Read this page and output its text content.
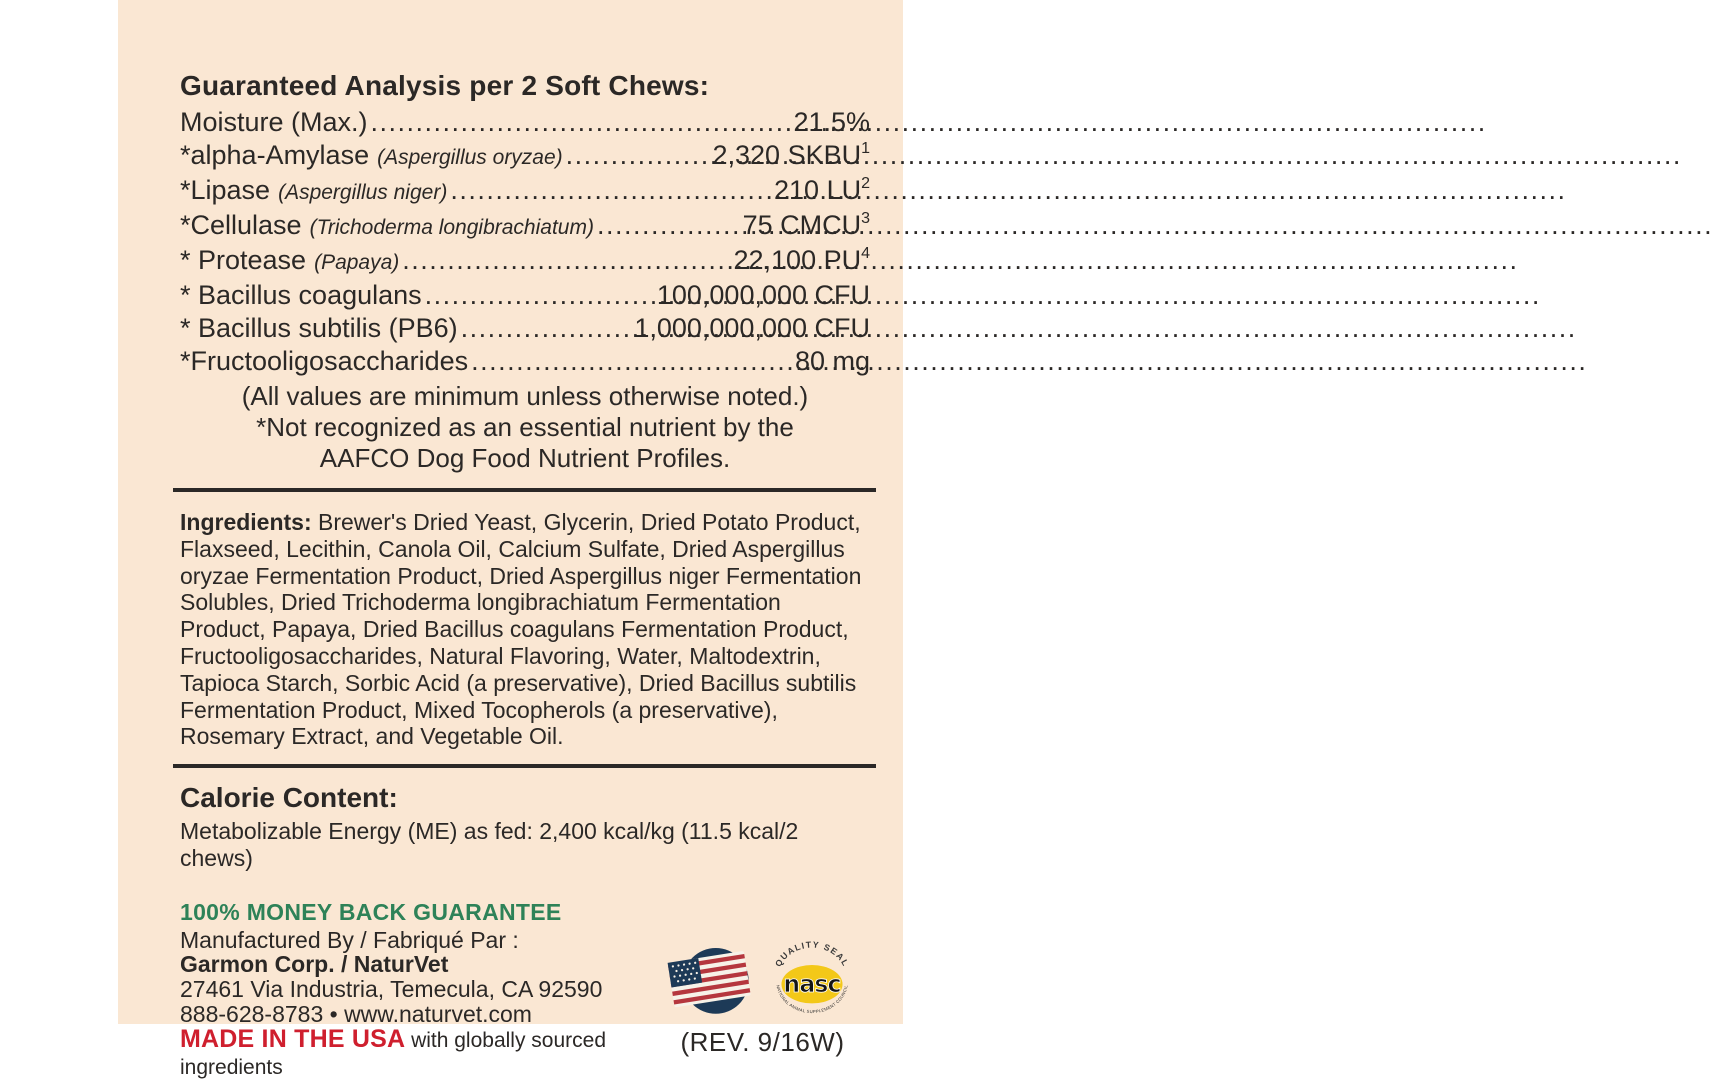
Guaranteed Analysis per 2 Soft Chews:
Moisture (Max.) .....	21.5%
*alpha-Amylase (Aspergillus oryzae) .....	2,320 SKBU$^1$
*Lipase (Aspergillus niger) .....	210 $LU^2$
*Cellulase (Trichoderma longibrachiatum) .....	75 CMCU$^3$
* Protease (Papaya) .....	22,100 $PU^4$
* Bacillus coagulans .....	100,000,000 CFU
* Bacillus subtilis (PB6) .....	1,000,000,000 CFU
*Fructooligosaccharides .....	80 mg
(All values are minimum unless otherwise noted.)
*Not recognized as an essential nutrient by the AAFCO Dog Food Nutrient Profiles.

Ingredients: Brewer's Dried Yeast, Glycerin, Dried Potato Product, Flaxseed, Lecithin, Canola Oil, Calcium Sulfate, Dried Aspergillus oryzae Fermentation Product, Dried Aspergillus niger Fermentation Solubles, Dried Trichoderma longibrachiatum Fermentation Product, Papaya, Dried Bacillus coagulans Fermentation Product, Fructooligosaccharides, Natural Flavoring, Water, Maltodextrin, Tapioca Starch, Sorbic Acid (a preservative), Dried Bacillus subtilis Fermentation Product, Mixed Tocopherols (a preservative), Rosemary Extract, and Vegetable Oil.

Calorie Content:

Metabolizable Energy (ME) as fed: 2,400 kcal/kg (11.5 kcal/2 chews)

100% MONEY BACK GUARANTEE
Manufactured By / Fabriqué Par :
Garmon Corp. / NaturVet
27461 Via Industria, Temecula, CA 92590
888-628-8783 • www.naturvet.com
MADE IN THE USA with globally sourced ingredients
QUALITY SEAL
nasc
NATIONAL ANIMAL SUPPLEMENT COUNCIL
(REV. 9/16W)
